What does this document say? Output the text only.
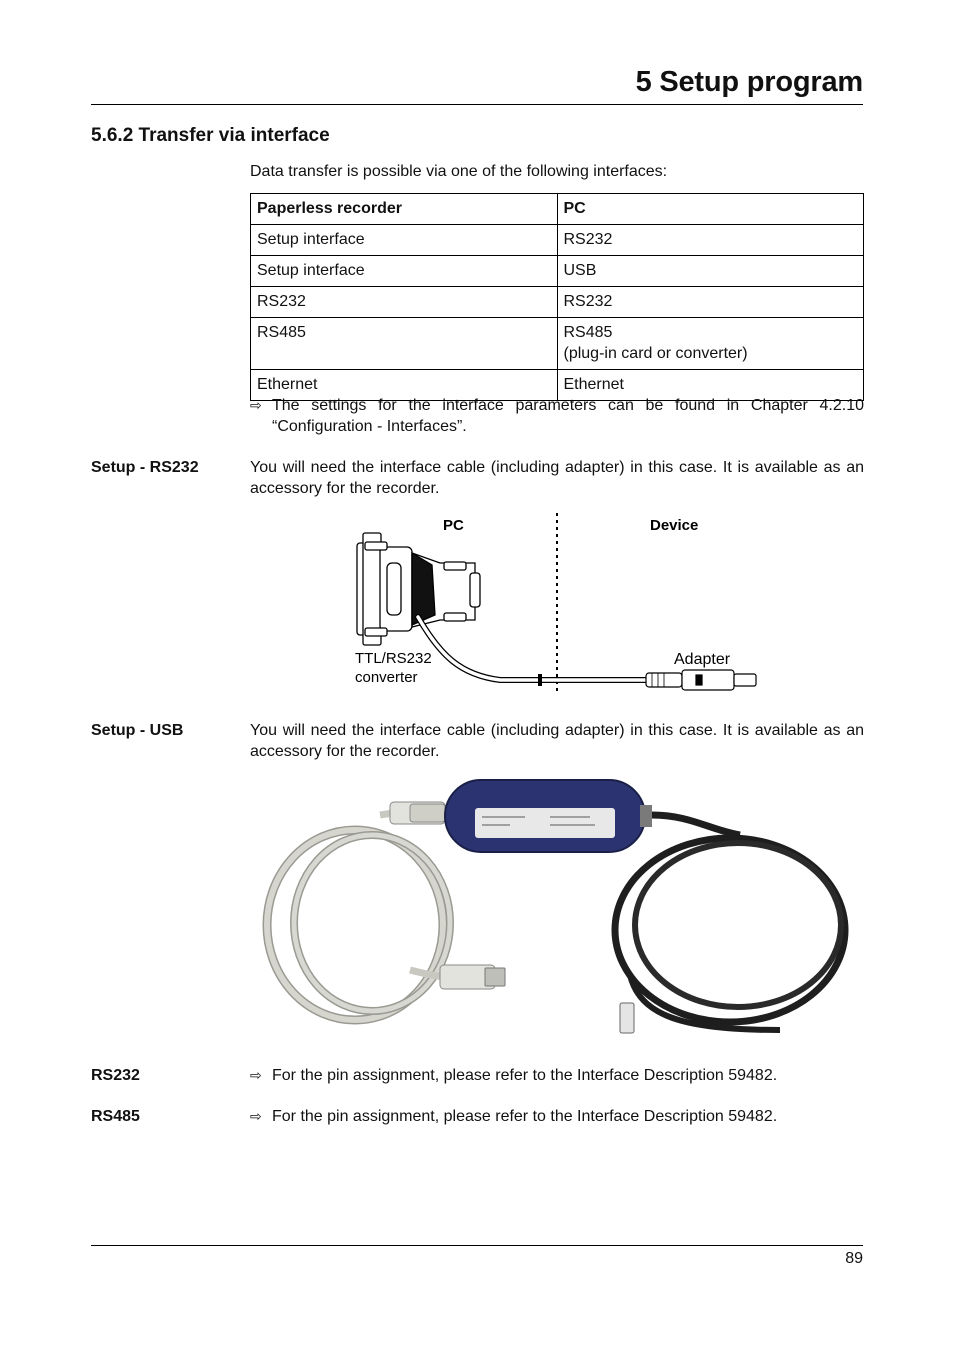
5 Setup program
5.6.2 Transfer via interface
Data transfer is possible via one of the following interfaces:
Paperless recorder	PC
Setup interface	RS232
Setup interface	USB
RS232	RS232
RS485	RS485
(plug-in card or converter)

Ethernet	Ethernet
⇨ The settings for the interface parameters can be found in Chapter 4.2.10 “Configuration - Interfaces”.
Setup - RS232	You will need the interface cable (including adapter) in this case. It is available as an accessory for the recorder.
PC	Device
TTL/RS232
converter
Adapter
Setup - USB	You will need the interface cable (including adapter) in this case. It is available as an accessory for the recorder.
RS232	⇨ For the pin assignment, please refer to the Interface Description 59482.
RS485	⇨ For the pin assignment, please refer to the Interface Description 59482.
89
